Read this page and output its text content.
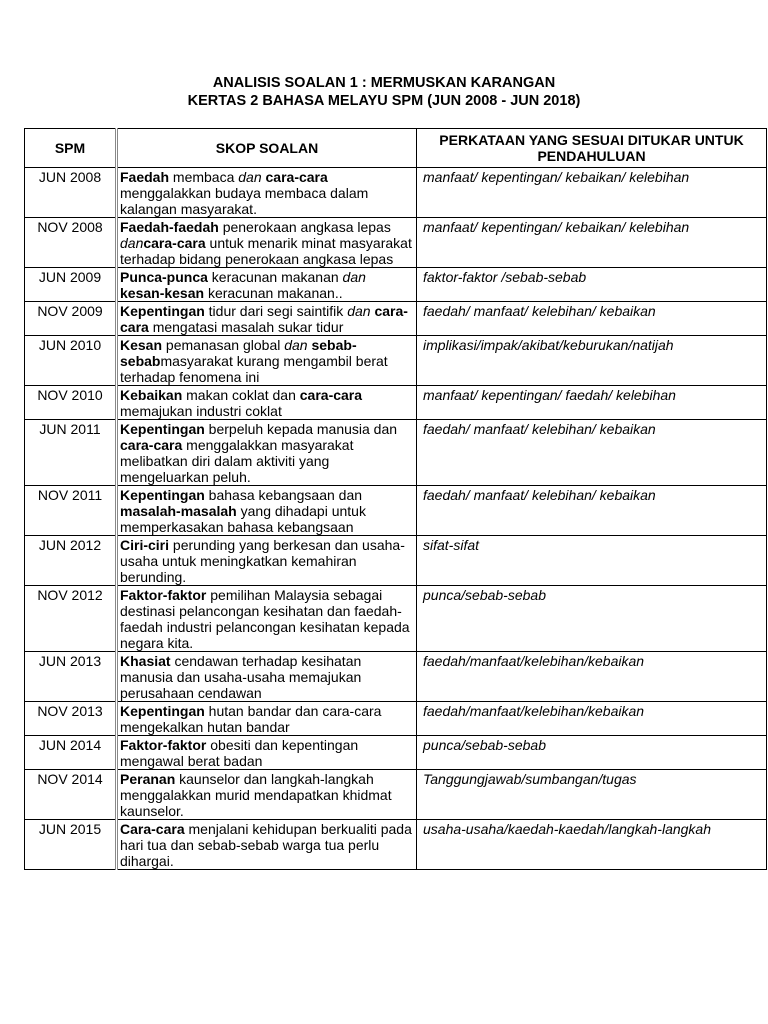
ANALISIS SOALAN 1 : MERMUSKAN KARANGAN
KERTAS 2 BAHASA MELAYU SPM (JUN 2008 - JUN 2018)
SPM	SKOP SOALAN	PERKATAAN YANG SESUAI DITUKAR UNTUK PENDAHULUAN
JUN 2008	Faedah membaca dan cara-cara menggalakkan budaya membaca dalam kalangan masyarakat.	manfaat/ kepentingan/ kebaikan/ kelebihan
NOV 2008	Faedah-faedah penerokaan angkasa lepas dancara-cara untuk menarik minat masyarakat terhadap bidang penerokaan angkasa lepas	manfaat/ kepentingan/ kebaikan/ kelebihan
JUN 2009	Punca-punca keracunan makanan dan kesan-kesan keracunan makanan..	faktor-faktor /sebab-sebab
NOV 2009	Kepentingan tidur dari segi saintifik dan cara-cara mengatasi masalah sukar tidur	faedah/ manfaat/ kelebihan/ kebaikan
JUN 2010	Kesan pemanasan global dan sebab-sebabmasyarakat kurang mengambil berat terhadap fenomena ini	implikasi/impak/akibat/keburukan/natijah
NOV 2010	Kebaikan makan coklat dan cara-cara memajukan industri coklat	manfaat/ kepentingan/ faedah/ kelebihan
JUN 2011	Kepentingan berpeluh kepada manusia dan cara-cara menggalakkan masyarakat melibatkan diri dalam aktiviti yang mengeluarkan peluh.	faedah/ manfaat/ kelebihan/ kebaikan
NOV 2011	Kepentingan bahasa kebangsaan dan masalah-masalah yang dihadapi untuk memperkasakan bahasa kebangsaan	faedah/ manfaat/ kelebihan/ kebaikan
JUN 2012	Ciri-ciri perunding yang berkesan dan usaha-usaha untuk meningkatkan kemahiran berunding.	sifat-sifat
NOV 2012	Faktor-faktor pemilihan Malaysia sebagai destinasi pelancongan kesihatan dan faedah-faedah industri pelancongan kesihatan kepada negara kita.	punca/sebab-sebab
JUN 2013	Khasiat cendawan terhadap kesihatan manusia dan usaha-usaha memajukan perusahaan cendawan	faedah/manfaat/kelebihan/kebaikan
NOV 2013	Kepentingan hutan bandar dan cara-cara mengekalkan hutan bandar	faedah/manfaat/kelebihan/kebaikan
JUN 2014	Faktor-faktor obesiti dan kepentingan mengawal berat badan	punca/sebab-sebab
NOV 2014	Peranan kaunselor dan langkah-langkah menggalakkan murid mendapatkan khidmat kaunselor.	Tanggungjawab/sumbangan/tugas
JUN 2015	Cara-cara menjalani kehidupan berkualiti pada hari tua dan sebab-sebab warga tua perlu dihargai.	usaha-usaha/kaedah-kaedah/langkah-langkah
